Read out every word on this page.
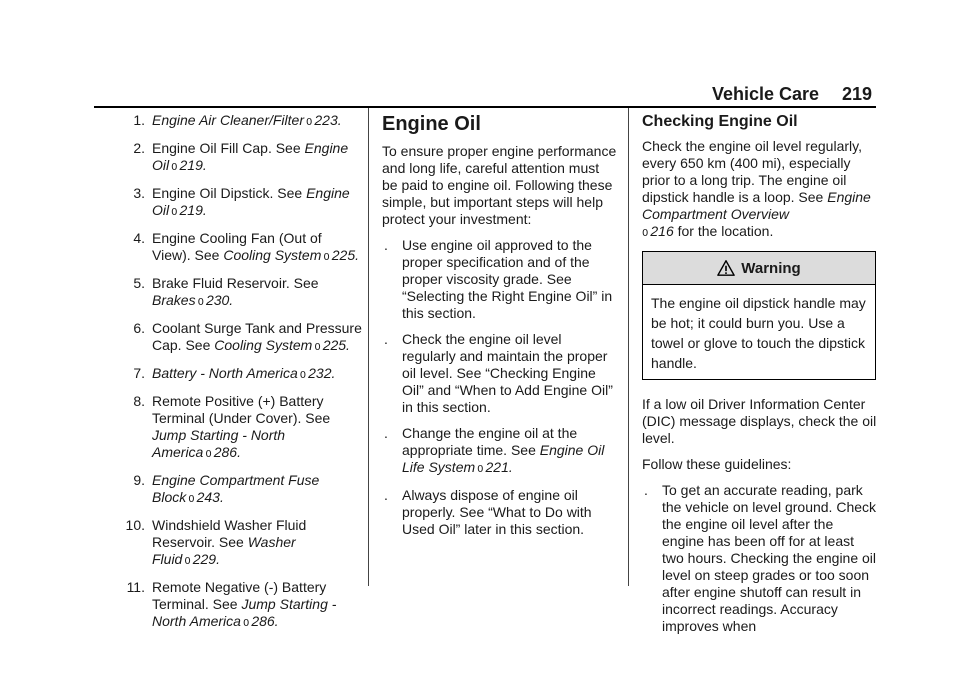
Vehicle Care 219
1. Engine Air Cleaner/Filter 0 223.
2. Engine Oil Fill Cap. See Engine Oil 0 219.
3. Engine Oil Dipstick. See Engine Oil 0 219.
4. Engine Cooling Fan (Out of View). See Cooling System 0 225.
5. Brake Fluid Reservoir. See Brakes 0 230.
6. Coolant Surge Tank and Pressure Cap. See Cooling System 0 225.
7. Battery - North America 0 232.
8. Remote Positive (+) Battery Terminal (Under Cover). See Jump Starting - North America 0 286.
9. Engine Compartment Fuse Block 0 243.
10. Windshield Washer Fluid Reservoir. See Washer Fluid 0 229.
11. Remote Negative (-) Battery Terminal. See Jump Starting - North America 0 286.
Engine Oil

To ensure proper engine performance and long life, careful attention must be paid to engine oil. Following these simple, but important steps will help protect your investment:

.	Use engine oil approved to the proper specification and of the proper viscosity grade. See “Selecting the Right Engine Oil” in this section.
.	Check the engine oil level regularly and maintain the proper oil level. See “Checking Engine Oil” and “When to Add Engine Oil” in this section.
.	Change the engine oil at the appropriate time. See Engine Oil Life System 0 221.
.	Always dispose of engine oil properly. See “What to Do with Used Oil” later in this section.
Checking Engine Oil

Check the engine oil level regularly, every 650 km (400 mi), especially prior to a long trip. The engine oil dipstick handle is a loop. See Engine Compartment Overview
0 216 for the location.

Warning
The engine oil dipstick handle may be hot; it could burn you. Use a towel or glove to touch the dipstick handle.

If a low oil Driver Information Center (DIC) message displays, check the oil level.

Follow these guidelines:

.	To get an accurate reading, park the vehicle on level ground. Check the engine oil level after the engine has been off for at least two hours. Checking the engine oil level on steep grades or too soon after engine shutoff can result in incorrect readings. Accuracy improves when
